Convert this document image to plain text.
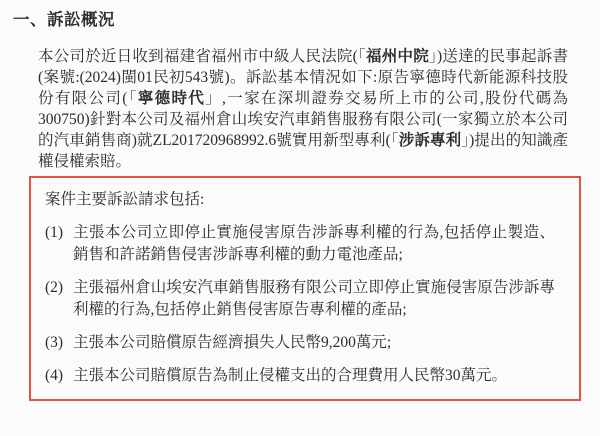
一、訴訟概況

本公司於近日收到福建省福州市中級人民法院(「福州中院」)送達的民事起訴書(案號:(2024)閩01民初543號)。訴訟基本情況如下:原告寧德時代新能源科技股份有限公司(「寧德時代」,一家在深圳證券交易所上市的公司,股份代碼為300750)針對本公司及福州倉山埃安汽車銷售服務有限公司(一家獨立於本公司的汽車銷售商)就ZL201720968992.6號實用新型專利(「涉訴專利」)提出的知識產權侵權索賠。

案件主要訴訟請求包括:

(1) 主張本公司立即停止實施侵害原告涉訴專利權的行為,包括停止製造、銷售和許諾銷售侵害涉訴專利權的動力電池產品;
(2) 主張福州倉山埃安汽車銷售服務有限公司立即停止實施侵害原告涉訴專利權的行為,包括停止銷售侵害原告專利權的產品;
(3) 主張本公司賠償原告經濟損失人民幣9,200萬元;
(4) 主張本公司賠償原告為制止侵權支出的合理費用人民幣30萬元。
